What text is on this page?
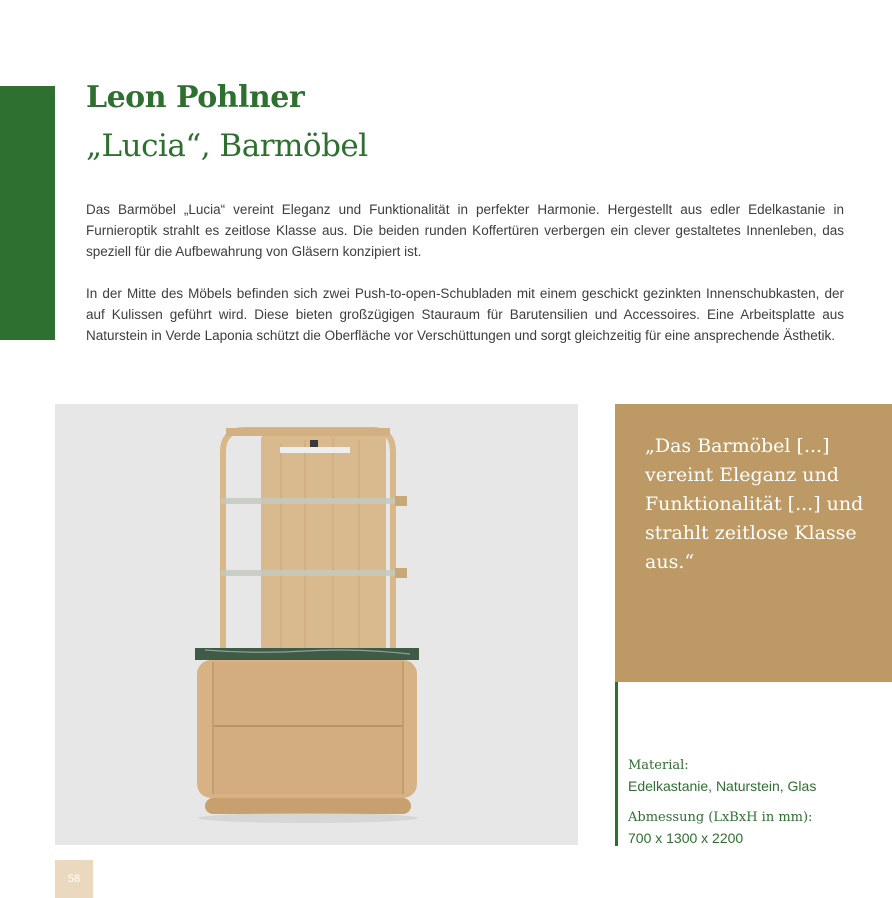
Leon Pohlner
„Lucia“, Barmöbel

Das Barmöbel „Lucia“ vereint Eleganz und Funktionalität in perfekter Harmonie. Hergestellt aus edler Edelkastanie in Furnieroptik strahlt es zeitlose Klasse aus. Die beiden runden Koffertüren verbergen ein clever gestaltetes Innenleben, das speziell für die Aufbewahrung von Gläsern konzipiert ist.

In der Mitte des Möbels befinden sich zwei Push-to-open-Schubladen mit einem geschickt gezinkten Innenschubkasten, der auf Kulissen geführt wird. Diese bieten großzügigen Stauraum für Barutensilien und Accessoires. Eine Arbeitsplatte aus Naturstein in Verde Laponia schützt die Oberfläche vor Verschüttungen und sorgt gleichzeitig für eine ansprechende Ästhetik.

„Das Barmöbel [...] vereint Eleganz und Funktionalität [...] und strahlt zeitlose Klasse aus.“

Material:

Edelkastanie, Naturstein, Glas

Abmessung (LxBxH in mm):

700 x 1300 x 2200

58
